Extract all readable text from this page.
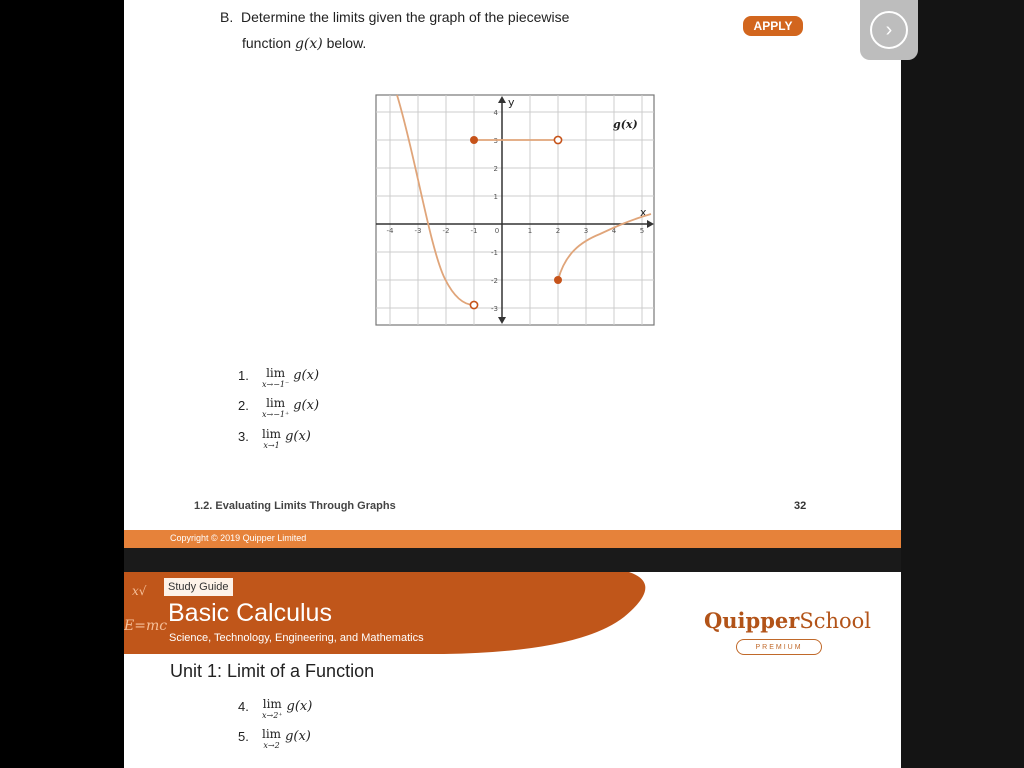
B. Determine the limits given the graph of the piecewise
function g(x) below.
APPLY
y
x
g(x)
-4	-3	-2	-1 0	1	2	3	4	5
4
3
2
1
-1
-2
-3
1.	lim
x→−1⁻
g(x)
2.	lim
x→−1⁺
g(x)
3.	lim
x→1
g(x)
1.2. Evaluating Limits Through Graphs	32
Copyright © 2019 Quipper Limited
x√
E=mc
Study Guide
Basic Calculus
Science, Technology, Engineering, and Mathematics
QuipperSchool
PREMIUM
Unit 1: Limit of a Function
4.	lim
x→2⁺
g(x)
5.	lim
x→2
g(x)
›
